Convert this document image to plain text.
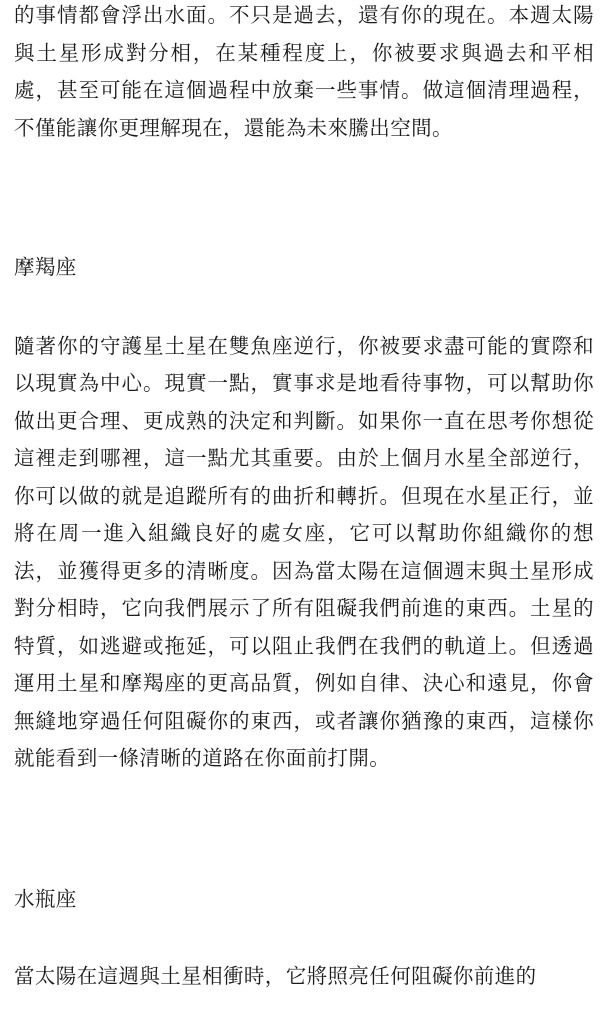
的事情都會浮出水面。不只是過去，還有你的現在。本週太陽與土星形成對分相，在某種程度上，你被要求與過去和平相處，甚至可能在這個過程中放棄一些事情。做這個清理過程，不僅能讓你更理解現在，還能為未來騰出空間。

摩羯座

隨著你的守護星土星在雙魚座逆行，你被要求盡可能的實際和以現實為中心。現實一點，實事求是地看待事物，可以幫助你做出更合理、更成熟的決定和判斷。如果你一直在思考你想從這裡走到哪裡，這一點尤其重要。由於上個月水星全部逆行，你可以做的就是追蹤所有的曲折和轉折。但現在水星正行，並將在周一進入組織良好的處女座，它可以幫助你組織你的想法，並獲得更多的清晰度。因為當太陽在這個週末與土星形成對分相時，它向我們展示了所有阻礙我們前進的東西。土星的特質，如逃避或拖延，可以阻止我們在我們的軌道上。但透過運用土星和摩羯座的更高品質，例如自律、決心和遠見，你會無縫地穿過任何阻礙你的東西，或者讓你猶豫的東西，這樣你就能看到一條清晰的道路在你面前打開。

水瓶座

當太陽在這週與土星相衝時，它將照亮任何阻礙你前進的
